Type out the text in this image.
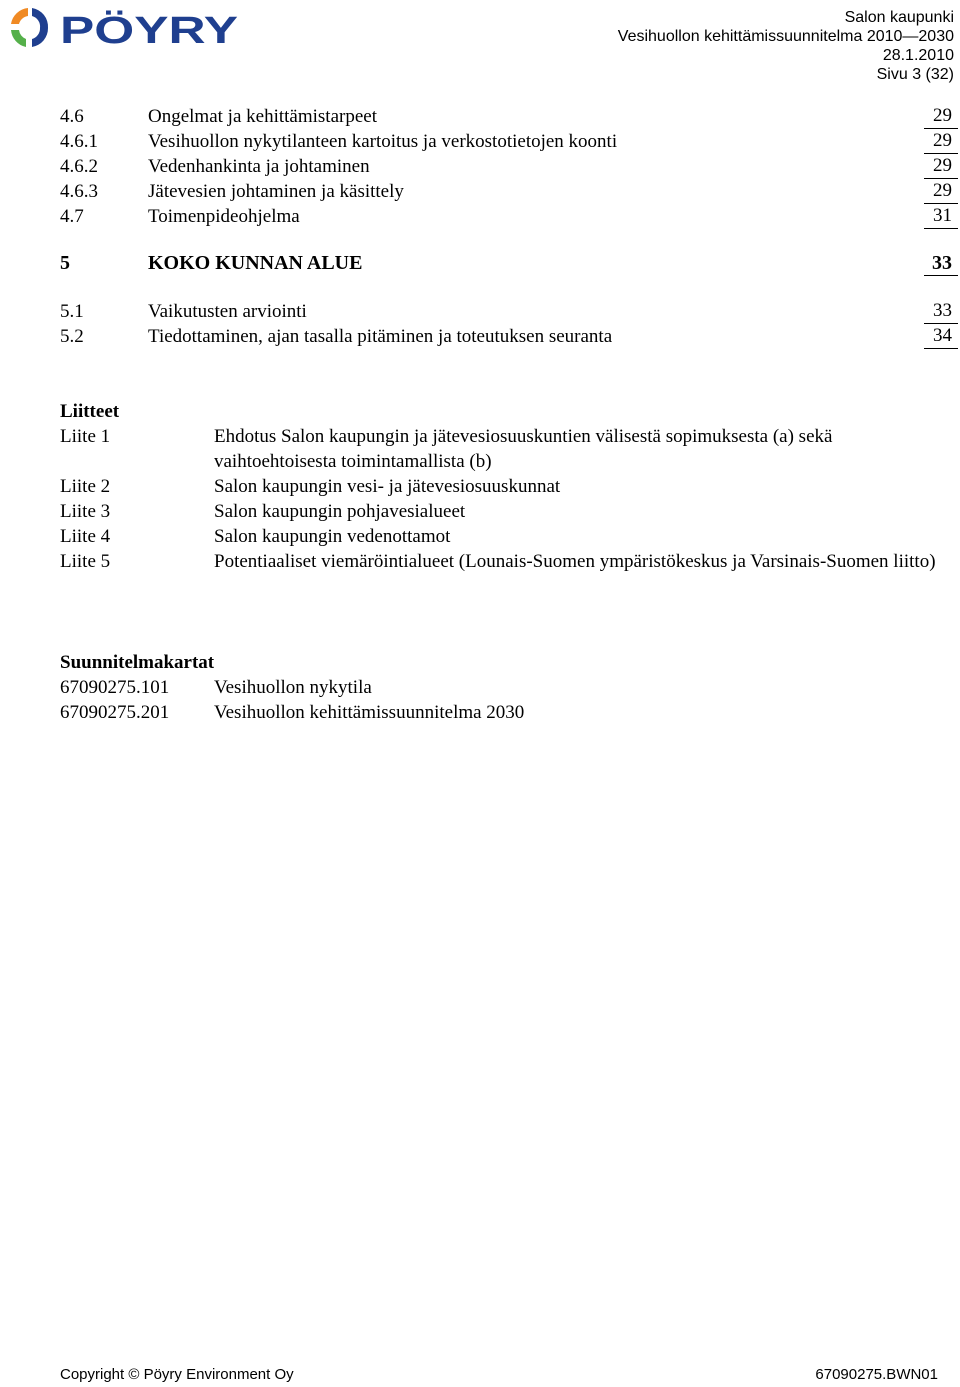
PÖYRY	Salon kaupunki
Vesihuollon kehittämissuunnitelma 2010—2030
28.1.2010
Sivu 3 (32)
4.6	Ongelmat ja kehittämistarpeet	29
4.6.1	Vesihuollon nykytilanteen kartoitus ja verkostotietojen koonti	29
4.6.2	Vedenhankinta ja johtaminen	29
4.6.3	Jätevesien johtaminen ja käsittely	29
4.7	Toimenpideohjelma	31
5	KOKO KUNNAN ALUE	33
5.1	Vaikutusten arviointi	33
5.2	Tiedottaminen, ajan tasalla pitäminen ja toteutuksen seuranta	34
Liitteet
Liite 1	Ehdotus Salon kaupungin ja jätevesiosuuskuntien välisestä sopimuksesta (a) sekä vaihtoehtoisesta toimintamallista (b)
Liite 2	Salon kaupungin vesi- ja jätevesiosuuskunnat
Liite 3	Salon kaupungin pohjavesialueet
Liite 4	Salon kaupungin vedenottamot
Liite 5	Potentiaaliset viemäröintialueet (Lounais-Suomen ympäristökeskus ja Varsinais-Suomen liitto)
Suunnitelmakartat
67090275.101 Vesihuollon nykytila
67090275.201 Vesihuollon kehittämissuunnitelma 2030
Copyright © Pöyry Environment Oy	67090275.BWN01
